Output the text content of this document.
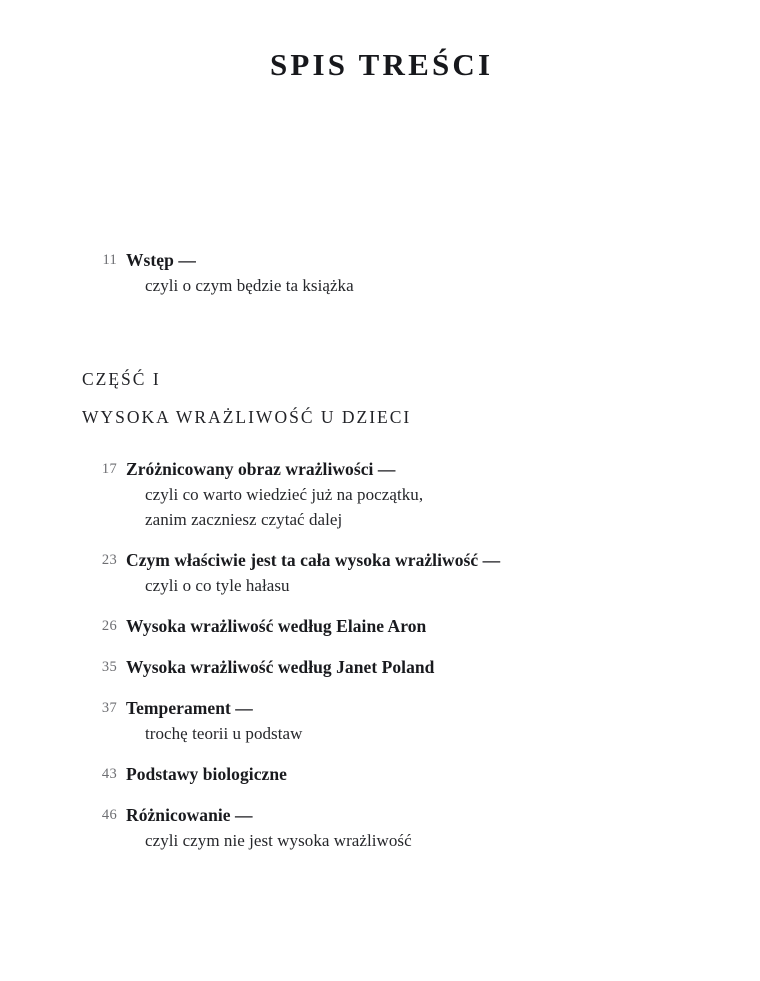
SPIS TREŚCI
11 Wstęp —
czyli o czym będzie ta książka
CZĘŚĆ I
WYSOKA WRAŻLIWOŚĆ U DZIECI
17 Zróżnicowany obraz wrażliwości —
czyli co warto wiedzieć już na początku,
zanim zaczniesz czytać dalej
23 Czym właściwie jest ta cała wysoka wrażliwość —
czyli o co tyle hałasu
26 Wysoka wrażliwość według Elaine Aron
35 Wysoka wrażliwość według Janet Poland
37 Temperament —
trochę teorii u podstaw
43 Podstawy biologiczne
46 Różnicowanie —
czyli czym nie jest wysoka wrażliwość
